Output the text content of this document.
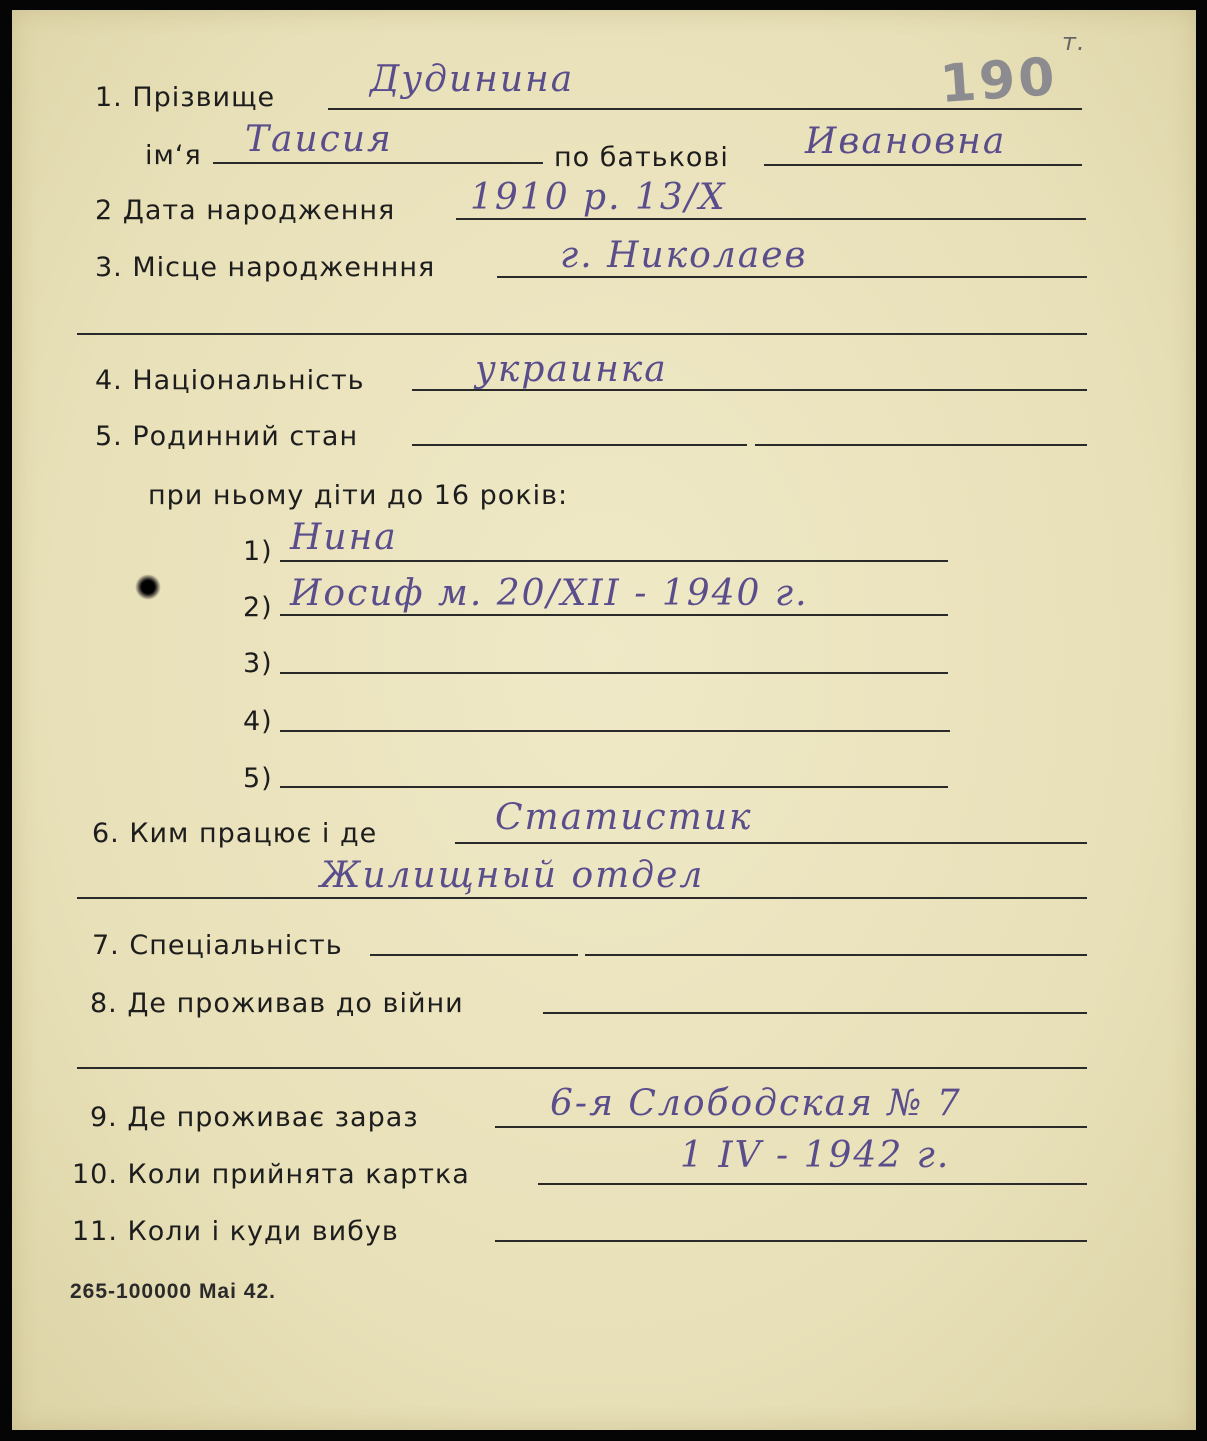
190
т.
1. Прізвище	Дудинина
ім‘я Таисия	по батькові Ивановна
2 Дата народження 1910 р. 13/X
3. Місце народженння	г. Николаев
4. Національність	украинка
5. Родинний стан
при ньому діти до 16 років:
1) Нина
2) Иосиф м. 20/XII - 1940 г.
3)
4)
5)
6. Ким працює і де	Статистик
Жилищный отдел
7. Спеціальність
8. Де проживав до війни
9. Де проживає зараз	6-я Слободская № 7
10. Коли прийнята картка	1 IV - 1942 г.
11. Коли і куди вибув
265-100000 Mai 42.
